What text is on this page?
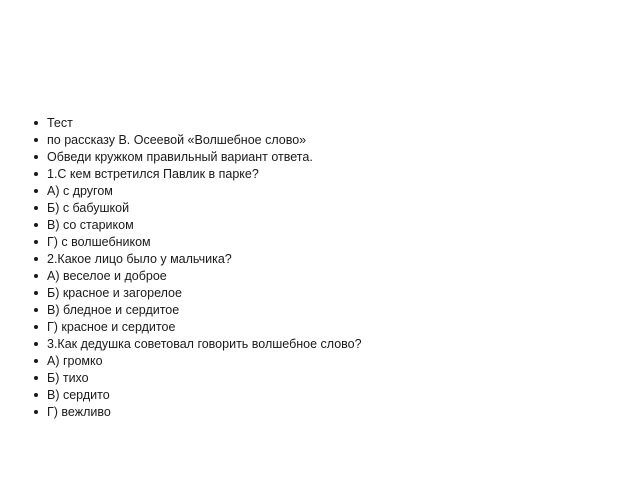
Тест
по рассказу В. Осеевой «Волшебное слово»
Обведи кружком правильный вариант ответа.
1.С кем встретился Павлик в парке?
А) с другом
Б) с бабушкой
В) со стариком
Г) с волшебником
2.Какое лицо было у мальчика?
А) веселое и доброе
Б) красное и загорелое
В) бледное и сердитое
Г) красное и сердитое
3.Как дедушка советовал говорить волшебное слово?
А) громко
Б) тихо
В) сердито
Г) вежливо
